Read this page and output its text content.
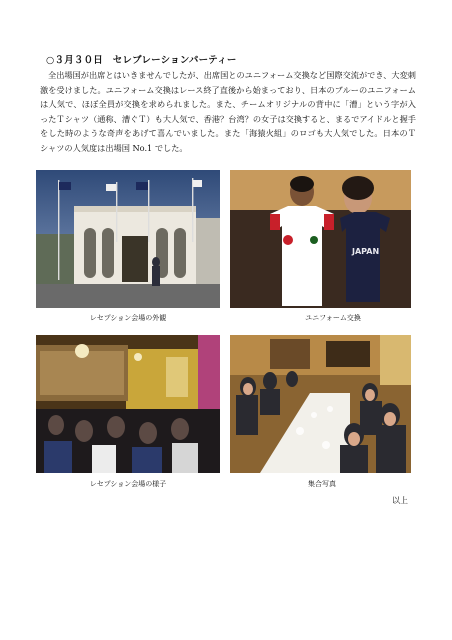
○３月３０日　セレブレーションパーティー

全出場国が出席とはいきませんでしたが、出席国とのユニフォーム交換など国際交流ができ、大変刺激を受けました。ユニフォーム交換はレース終了直後から始まっており、日本のブルーのユニフォームは人気で、ほぼ全員が交換を求められました。また、チームオリジナルの背中に「漕」という字が入ったＴシャツ（通称、漕ぐＴ）も大人気で、香港？台湾？の女子は交換すると、まるでアイドルと握手をした時のような奇声をあげて喜んでいました。また「海猿火組」のロゴも大人気でした。日本のＴシャツの人気度は出場国 No.1 でした。

レセプション会場の外観
JAPAN
ユニフォーム交換
レセプション会場の様子	集合写真
以上
